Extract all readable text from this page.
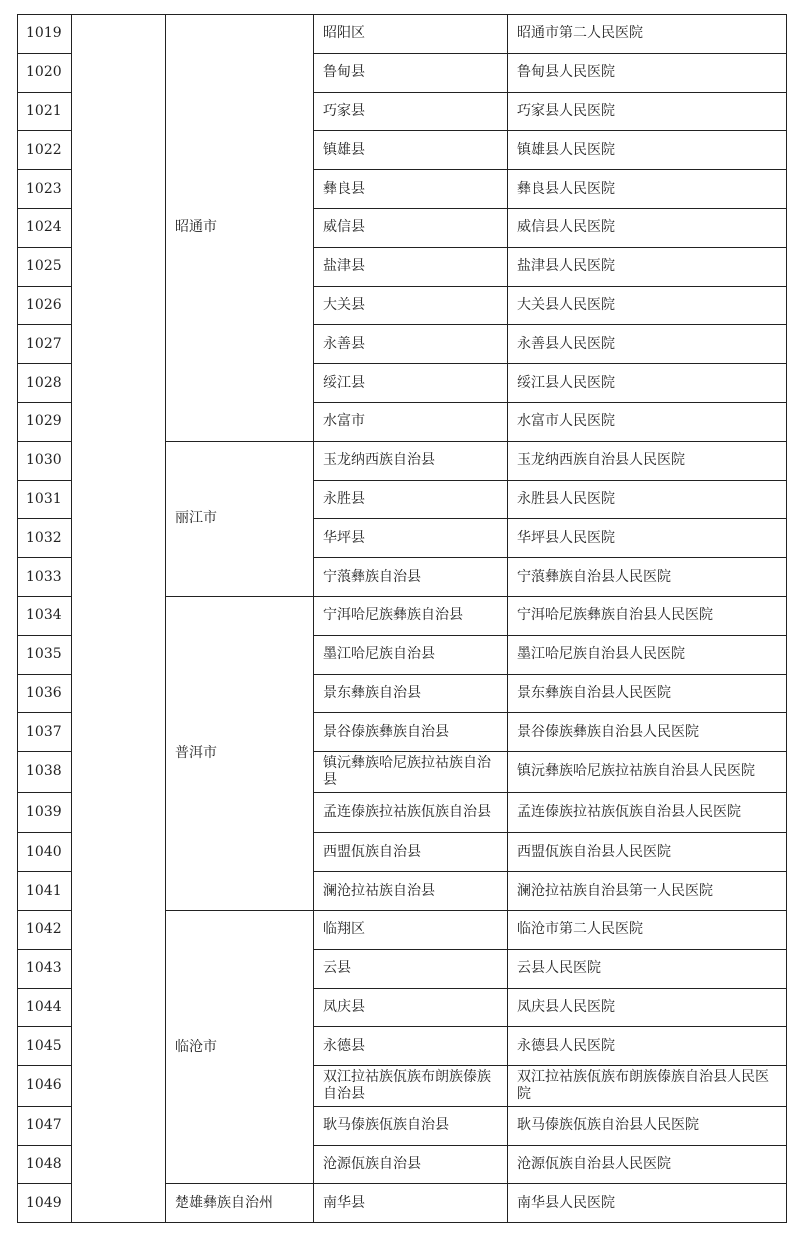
1019		昭通市	昭阳区	昭通市第二人民医院
1020			鲁甸县	鲁甸县人民医院
1021			巧家县	巧家县人民医院
1022			镇雄县	镇雄县人民医院
1023			彝良县	彝良县人民医院
1024			威信县	威信县人民医院
1025			盐津县	盐津县人民医院
1026			大关县	大关县人民医院
1027			永善县	永善县人民医院
1028			绥江县	绥江县人民医院
1029			水富市	水富市人民医院
1030		丽江市	玉龙纳西族自治县	玉龙纳西族自治县人民医院
1031			永胜县	永胜县人民医院
1032			华坪县	华坪县人民医院
1033			宁蒗彝族自治县	宁蒗彝族自治县人民医院
1034		普洱市	宁洱哈尼族彝族自治县	宁洱哈尼族彝族自治县人民医院
1035			墨江哈尼族自治县	墨江哈尼族自治县人民医院
1036			景东彝族自治县	景东彝族自治县人民医院
1037			景谷傣族彝族自治县	景谷傣族彝族自治县人民医院
1038			镇沅彝族哈尼族拉祜族自治县	镇沅彝族哈尼族拉祜族自治县人民医院
1039			孟连傣族拉祜族佤族自治县	孟连傣族拉祜族佤族自治县人民医院
1040			西盟佤族自治县	西盟佤族自治县人民医院
1041			澜沧拉祜族自治县	澜沧拉祜族自治县第一人民医院
1042		临沧市	临翔区	临沧市第二人民医院
1043			云县	云县人民医院
1044			凤庆县	凤庆县人民医院
1045			永德县	永德县人民医院
1046			双江拉祜族佤族布朗族傣族自治县	双江拉祜族佤族布朗族傣族自治县人民医院
1047			耿马傣族佤族自治县	耿马傣族佤族自治县人民医院
1048			沧源佤族自治县	沧源佤族自治县人民医院
1049		楚雄彝族自治州	南华县	南华县人民医院
